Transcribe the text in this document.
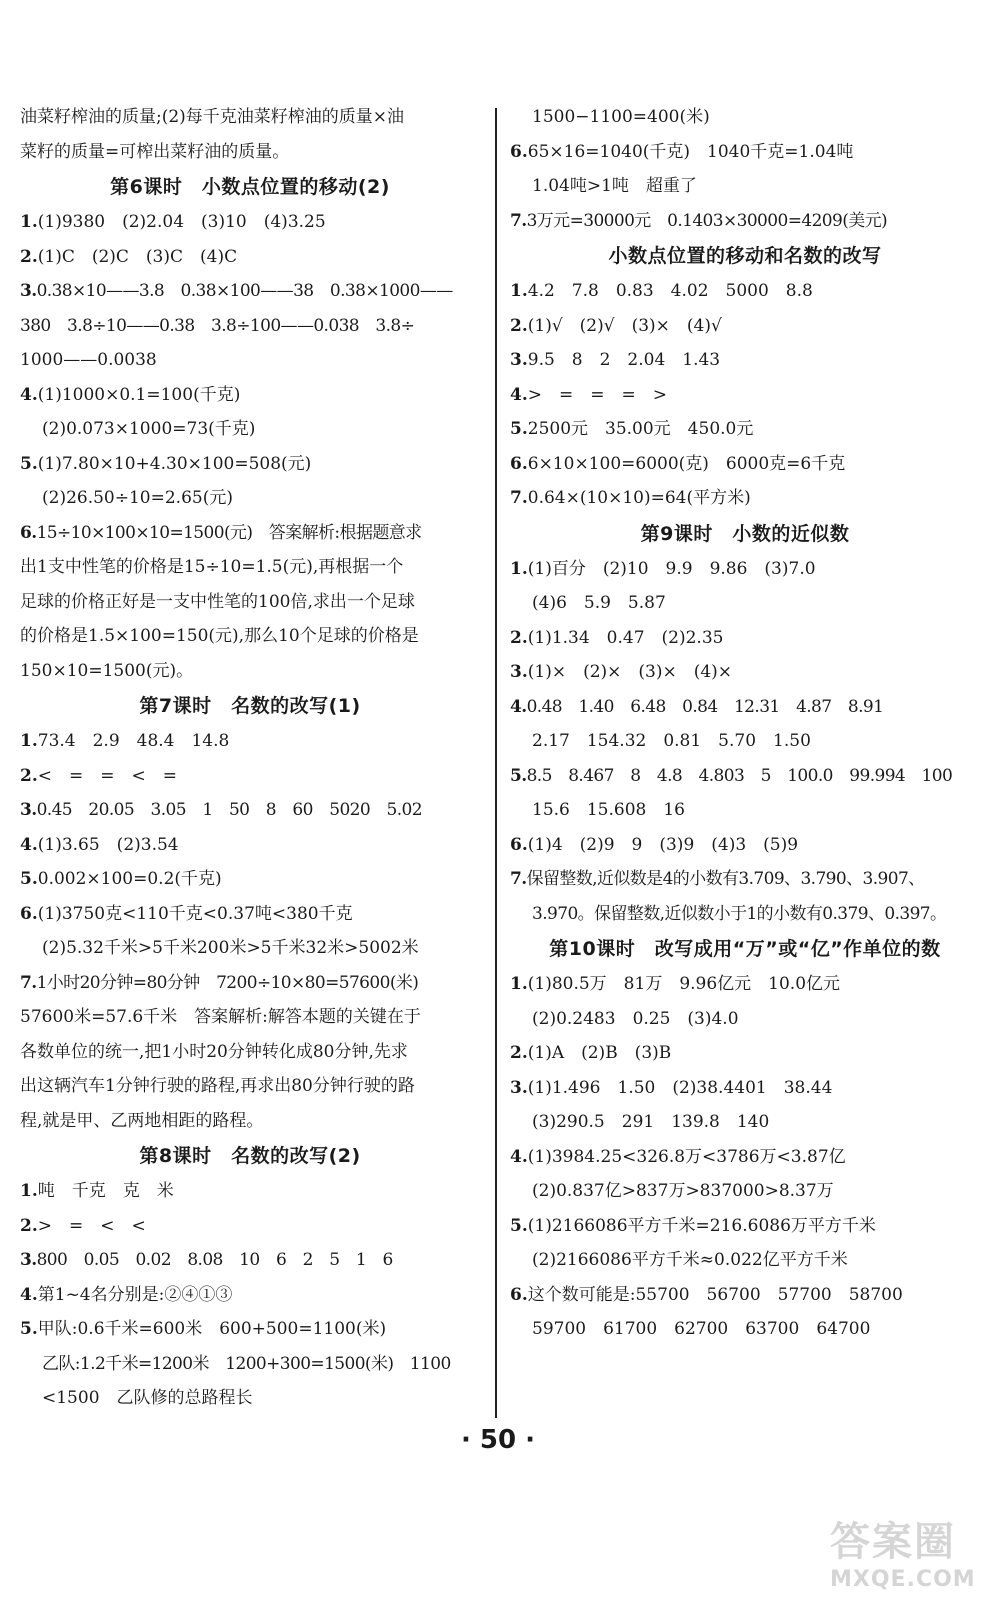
油菜籽榨油的质量;(2)每千克油菜籽榨油的质量×油
菜籽的质量=可榨出菜籽油的质量。
第6课时　小数点位置的移动(2)
1.(1)9380　(2)2.04　(3)10　(4)3.25
2.(1)C　(2)C　(3)C　(4)C
3.0.38×10——3.8　0.38×100——38　0.38×1000——
380　3.8÷10——0.38　3.8÷100——0.038　3.8÷
1000——0.0038
4.(1)1000×0.1=100(千克)
(2)0.073×1000=73(千克)
5.(1)7.80×10+4.30×100=508(元)
(2)26.50÷10=2.65(元)
6.15÷10×100×10=1500(元)　答案解析:根据题意求
出1支中性笔的价格是15÷10=1.5(元),再根据一个
足球的价格正好是一支中性笔的100倍,求出一个足球
的价格是1.5×100=150(元),那么10个足球的价格是
150×10=1500(元)。
第7课时　名数的改写(1)
1.73.4　2.9　48.4　14.8
2.<　=　=　<　=
3.0.45　20.05　3.05　1　50　8　60　5020　5.02
4.(1)3.65　(2)3.54
5.0.002×100=0.2(千克)
6.(1)3750克<110千克<0.37吨<380千克
(2)5.32千米>5千米200米>5千米32米>5002米
7.1小时20分钟=80分钟　7200÷10×80=57600(米)
57600米=57.6千米　答案解析:解答本题的关键在于
各数单位的统一,把1小时20分钟转化成80分钟,先求
出这辆汽车1分钟行驶的路程,再求出80分钟行驶的路
程,就是甲、乙两地相距的路程。
第8课时　名数的改写(2)
1.吨　千克　克　米
2.>　=　<　<
3.800　0.05　0.02　8.08　10　6　2　5　1　6
4.第1~4名分别是:②④①③
5.甲队:0.6千米=600米　600+500=1100(米)
乙队:1.2千米=1200米　1200+300=1500(米)　1100
<1500　乙队修的总路程长
1500−1100=400(米)
6.65×16=1040(千克)　1040千克=1.04吨
1.04吨>1吨　超重了
7.3万元=30000元　0.1403×30000=4209(美元)
小数点位置的移动和名数的改写
1.4.2　7.8　0.83　4.02　5000　8.8
2.(1)√　(2)√　(3)×　(4)√
3.9.5　8　2　2.04　1.43
4.>　=　=　=　>
5.2500元　35.00元　450.0元
6.6×10×100=6000(克)　6000克=6千克
7.0.64×(10×10)=64(平方米)
第9课时　小数的近似数
1.(1)百分　(2)10　9.9　9.86　(3)7.0
(4)6　5.9　5.87
2.(1)1.34　0.47　(2)2.35
3.(1)×　(2)×　(3)×　(4)×
4.0.48　1.40　6.48　0.84　12.31　4.87　8.91
2.17　154.32　0.81　5.70　1.50
5.8.5　8.467　8　4.8　4.803　5　100.0　99.994　100
15.6　15.608　16
6.(1)4　(2)9　9　(3)9　(4)3　(5)9
7.保留整数,近似数是4的小数有3.709、3.790、3.907、
3.970。保留整数,近似数小于1的小数有0.379、0.397。
第10课时　改写成用“万”或“亿”作单位的数
1.(1)80.5万　81万　9.96亿元　10.0亿元
(2)0.2483　0.25　(3)4.0
2.(1)A　(2)B　(3)B
3.(1)1.496　1.50　(2)38.4401　38.44
(3)290.5　291　139.8　140
4.(1)3984.25<326.8万<3786万<3.87亿
(2)0.837亿>837万>837000>8.37万
5.(1)2166086平方千米=216.6086万平方千米
(2)2166086平方千米≈0.022亿平方千米
6.这个数可能是:55700　56700　57700　58700
59700　61700　62700　63700　64700
· 50 ·
答案圈
MXQE.COM
